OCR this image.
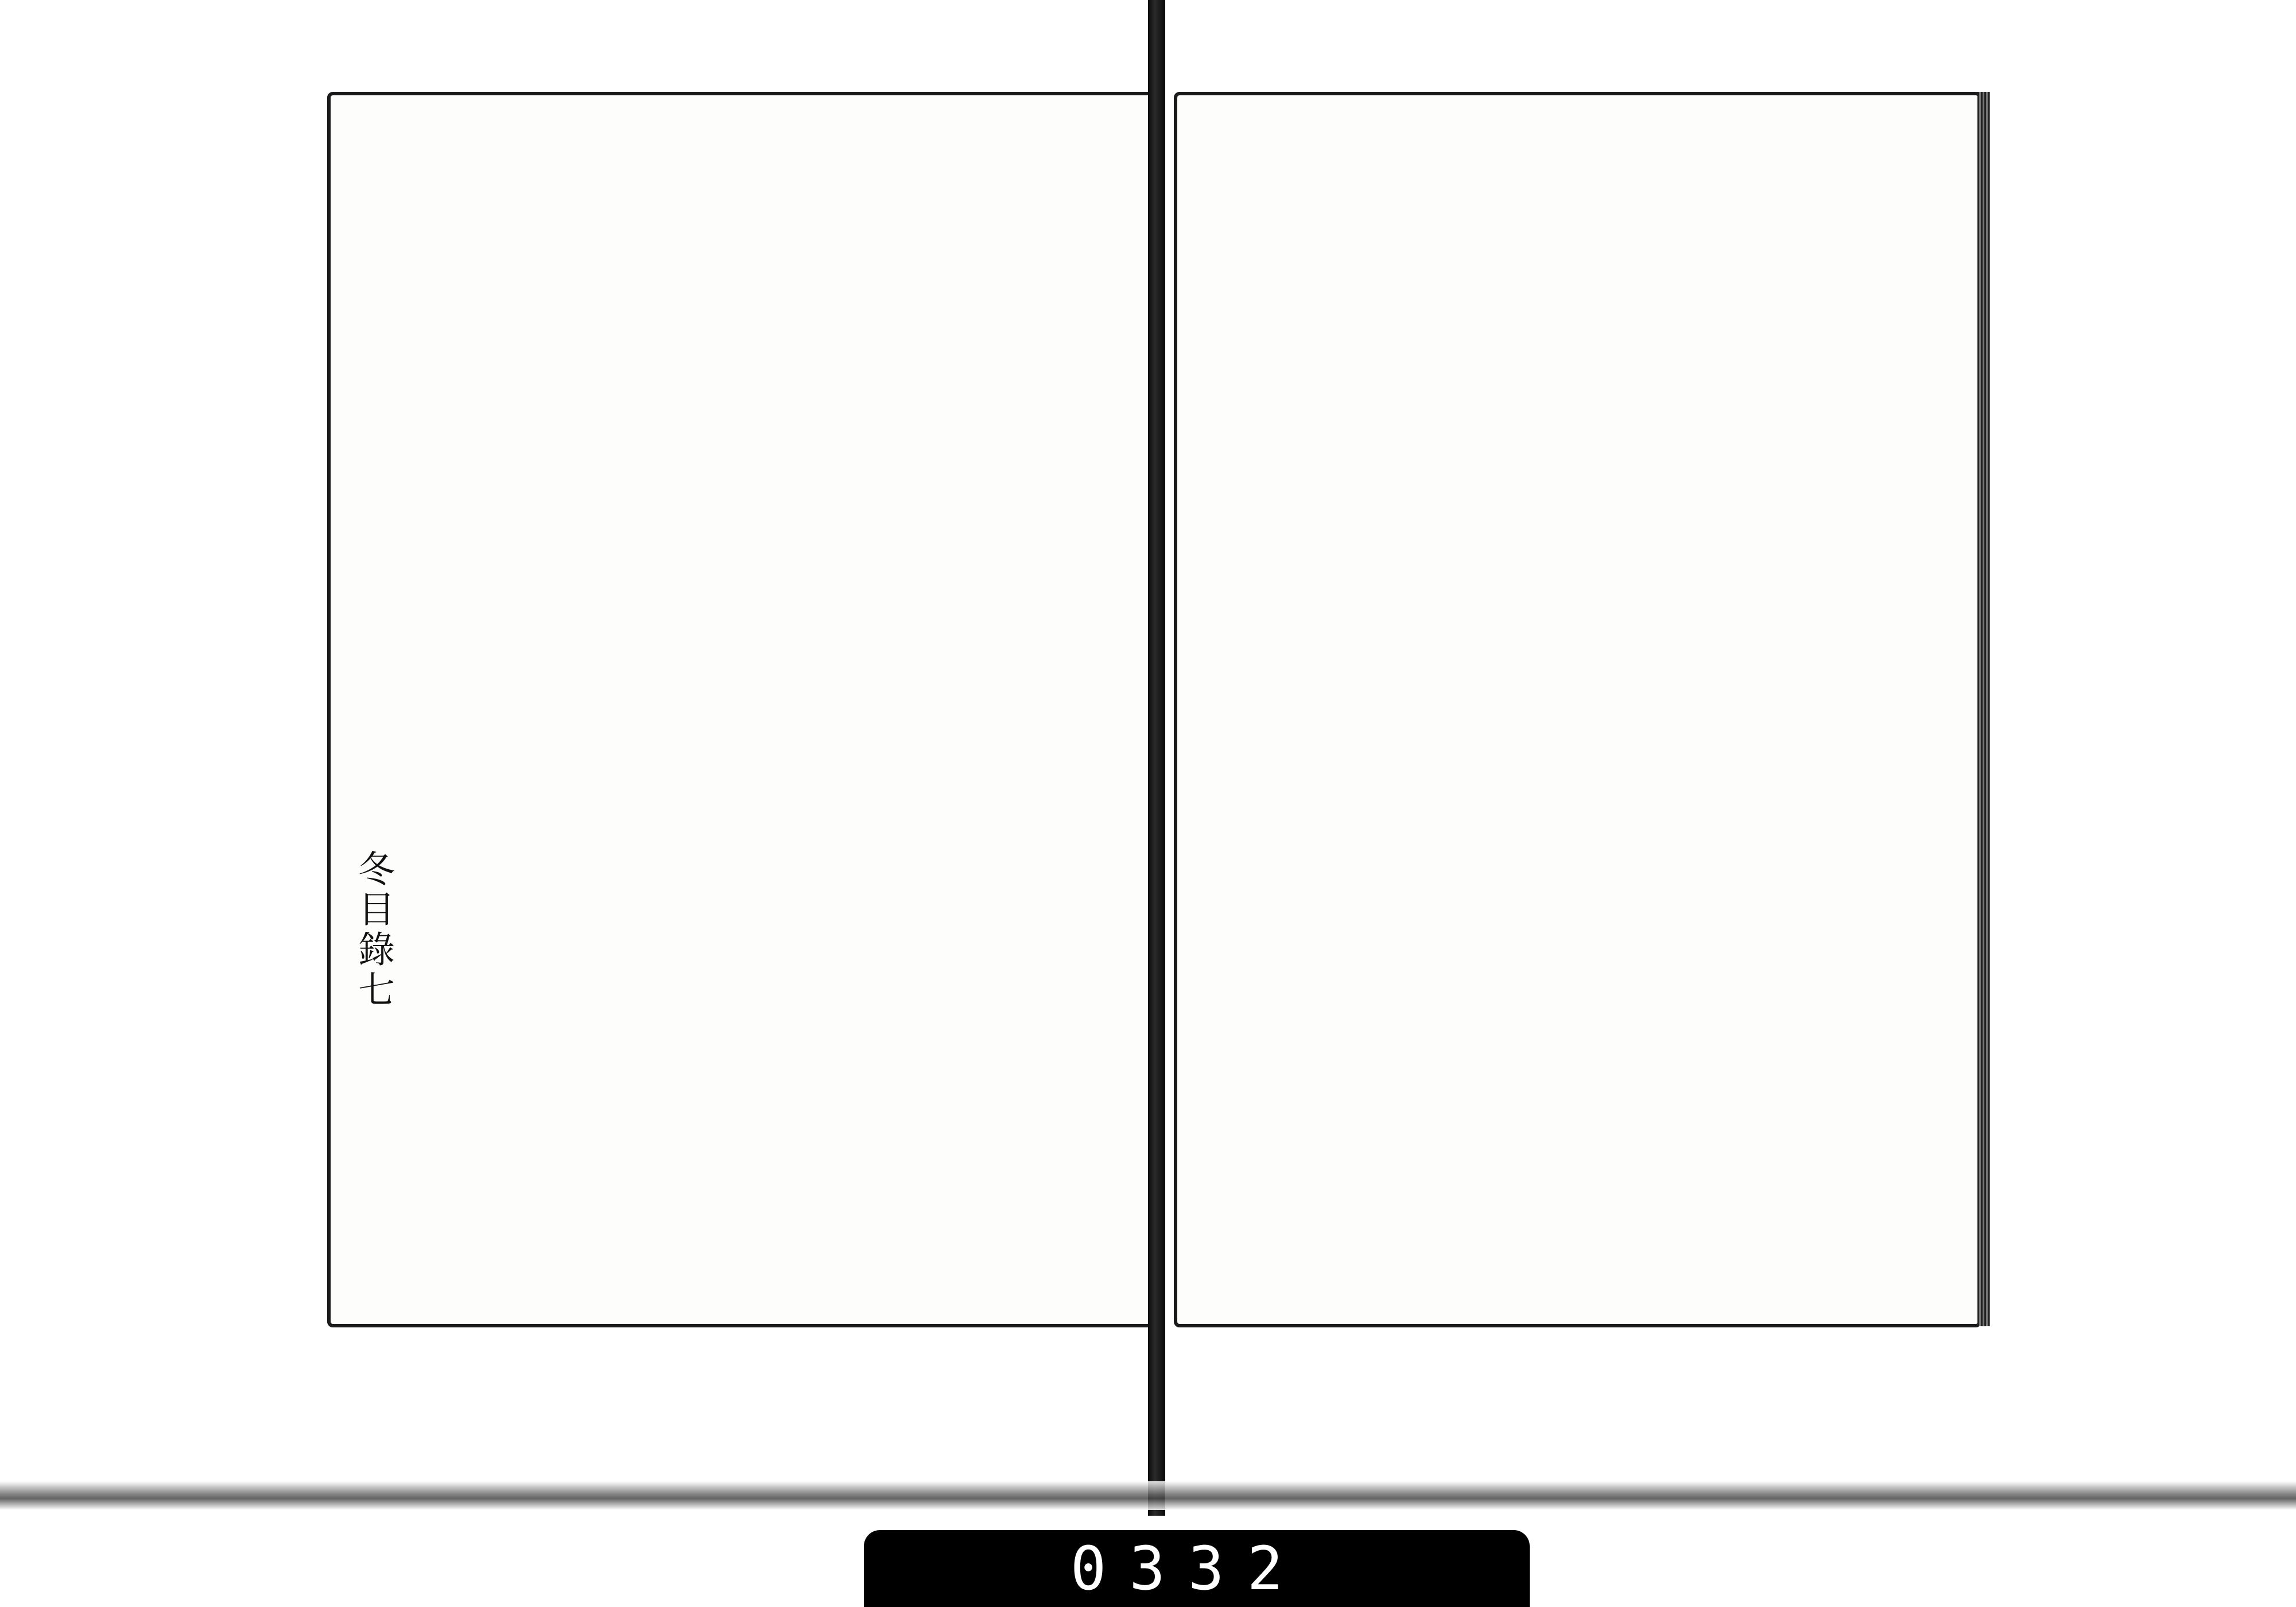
冬目錄七
0332
